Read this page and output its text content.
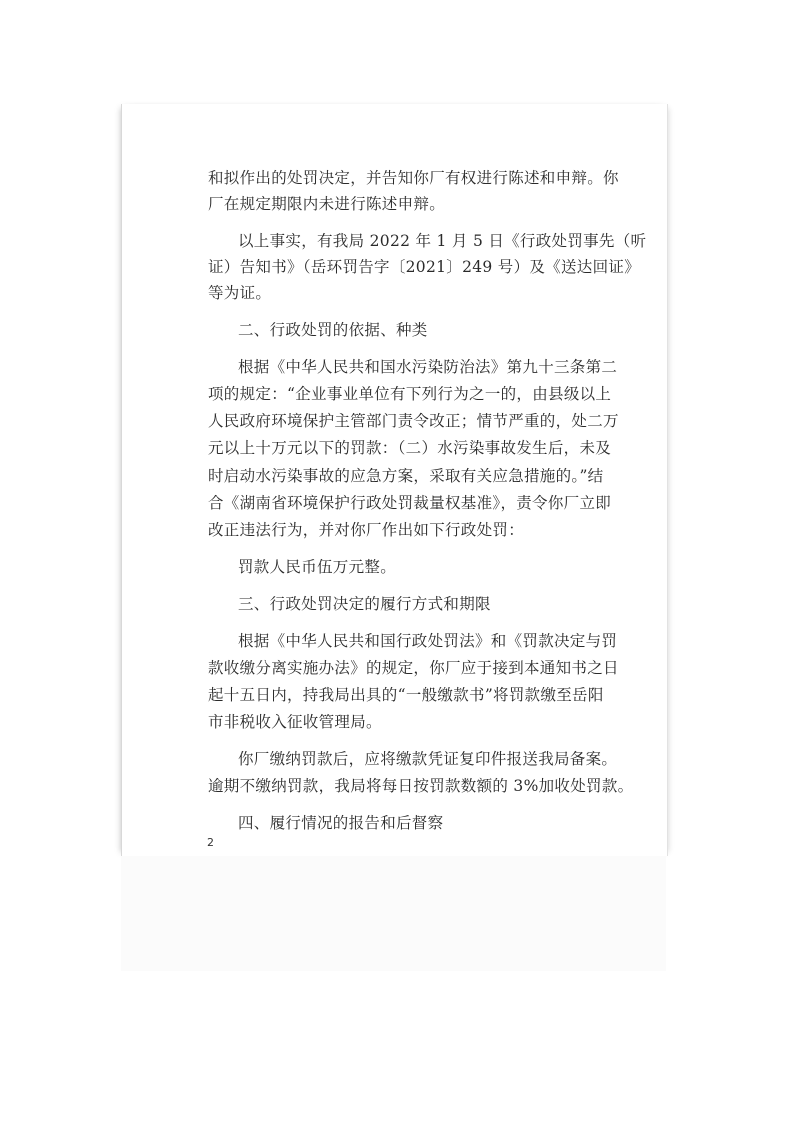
和拟作出的处罚决定，并告知你厂有权进行陈述和申辩。你
厂在规定期限内未进行陈述申辩。
以上事实，有我局 2022 年 1 月 5 日《行政处罚事先（听
证）告知书》（岳环罚告字〔2021〕249 号）及《送达回证》
等为证。
二、行政处罚的依据、种类
根据《中华人民共和国水污染防治法》第九十三条第二
项的规定：“企业事业单位有下列行为之一的，由县级以上
人民政府环境保护主管部门责令改正；情节严重的，处二万
元以上十万元以下的罚款：（二）水污染事故发生后，未及
时启动水污染事故的应急方案，采取有关应急措施的。”结
合《湖南省环境保护行政处罚裁量权基准》，责令你厂立即
改正违法行为，并对你厂作出如下行政处罚：
罚款人民币伍万元整。
三、行政处罚决定的履行方式和期限
根据《中华人民共和国行政处罚法》和《罚款决定与罚
款收缴分离实施办法》的规定，你厂应于接到本通知书之日
起十五日内，持我局出具的“一般缴款书”将罚款缴至岳阳
市非税收入征收管理局。
你厂缴纳罚款后，应将缴款凭证复印件报送我局备案。
逾期不缴纳罚款，我局将每日按罚款数额的 3%加收处罚款。
四、履行情况的报告和后督察
2
